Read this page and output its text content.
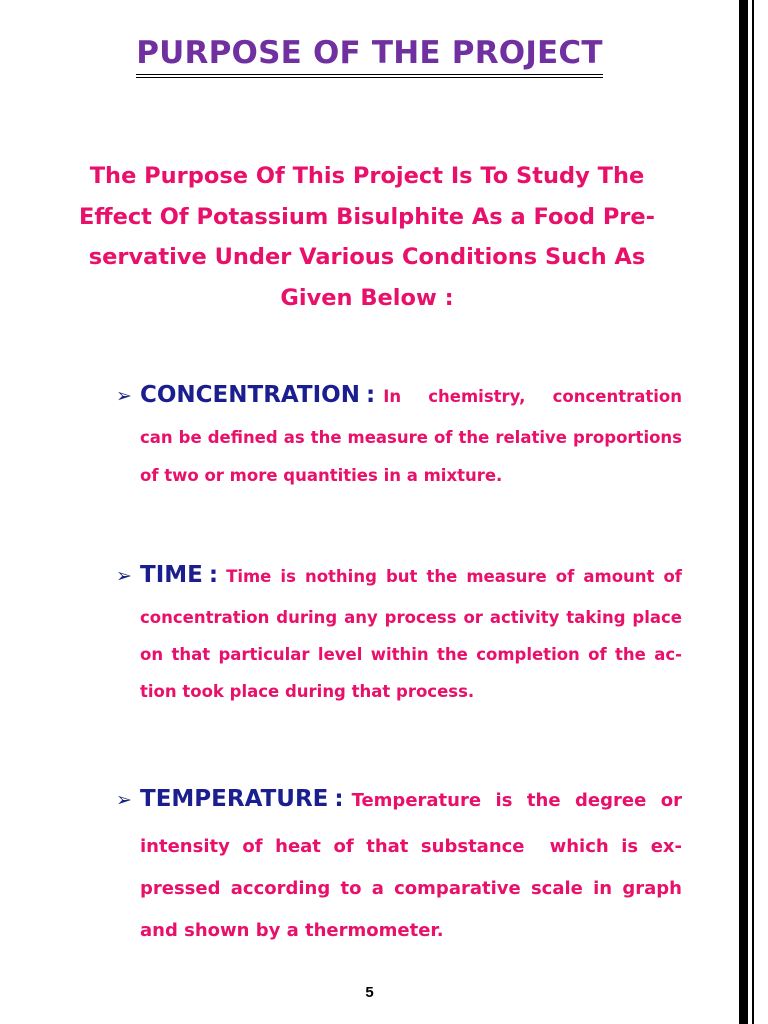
PURPOSE OF THE PROJECT
The Purpose Of This Project Is To Study The
Effect Of Potassium Bisulphite As a Food Pre-
servative Under Various Conditions Such As
Given Below :
➢ CONCENTRATION : In chemistry, concentration
can be defined as the measure of the relative proportions
of two or more quantities in a mixture.
➢ TIME : Time is nothing but the measure of amount of
concentration during any process or activity taking place
on that particular level within the completion of the ac-
tion took place during that process.
➢ TEMPERATURE : Temperature is the degree or
intensity of heat of that substance  which is ex-
pressed according to a comparative scale in graph
and shown by a thermometer.
5
